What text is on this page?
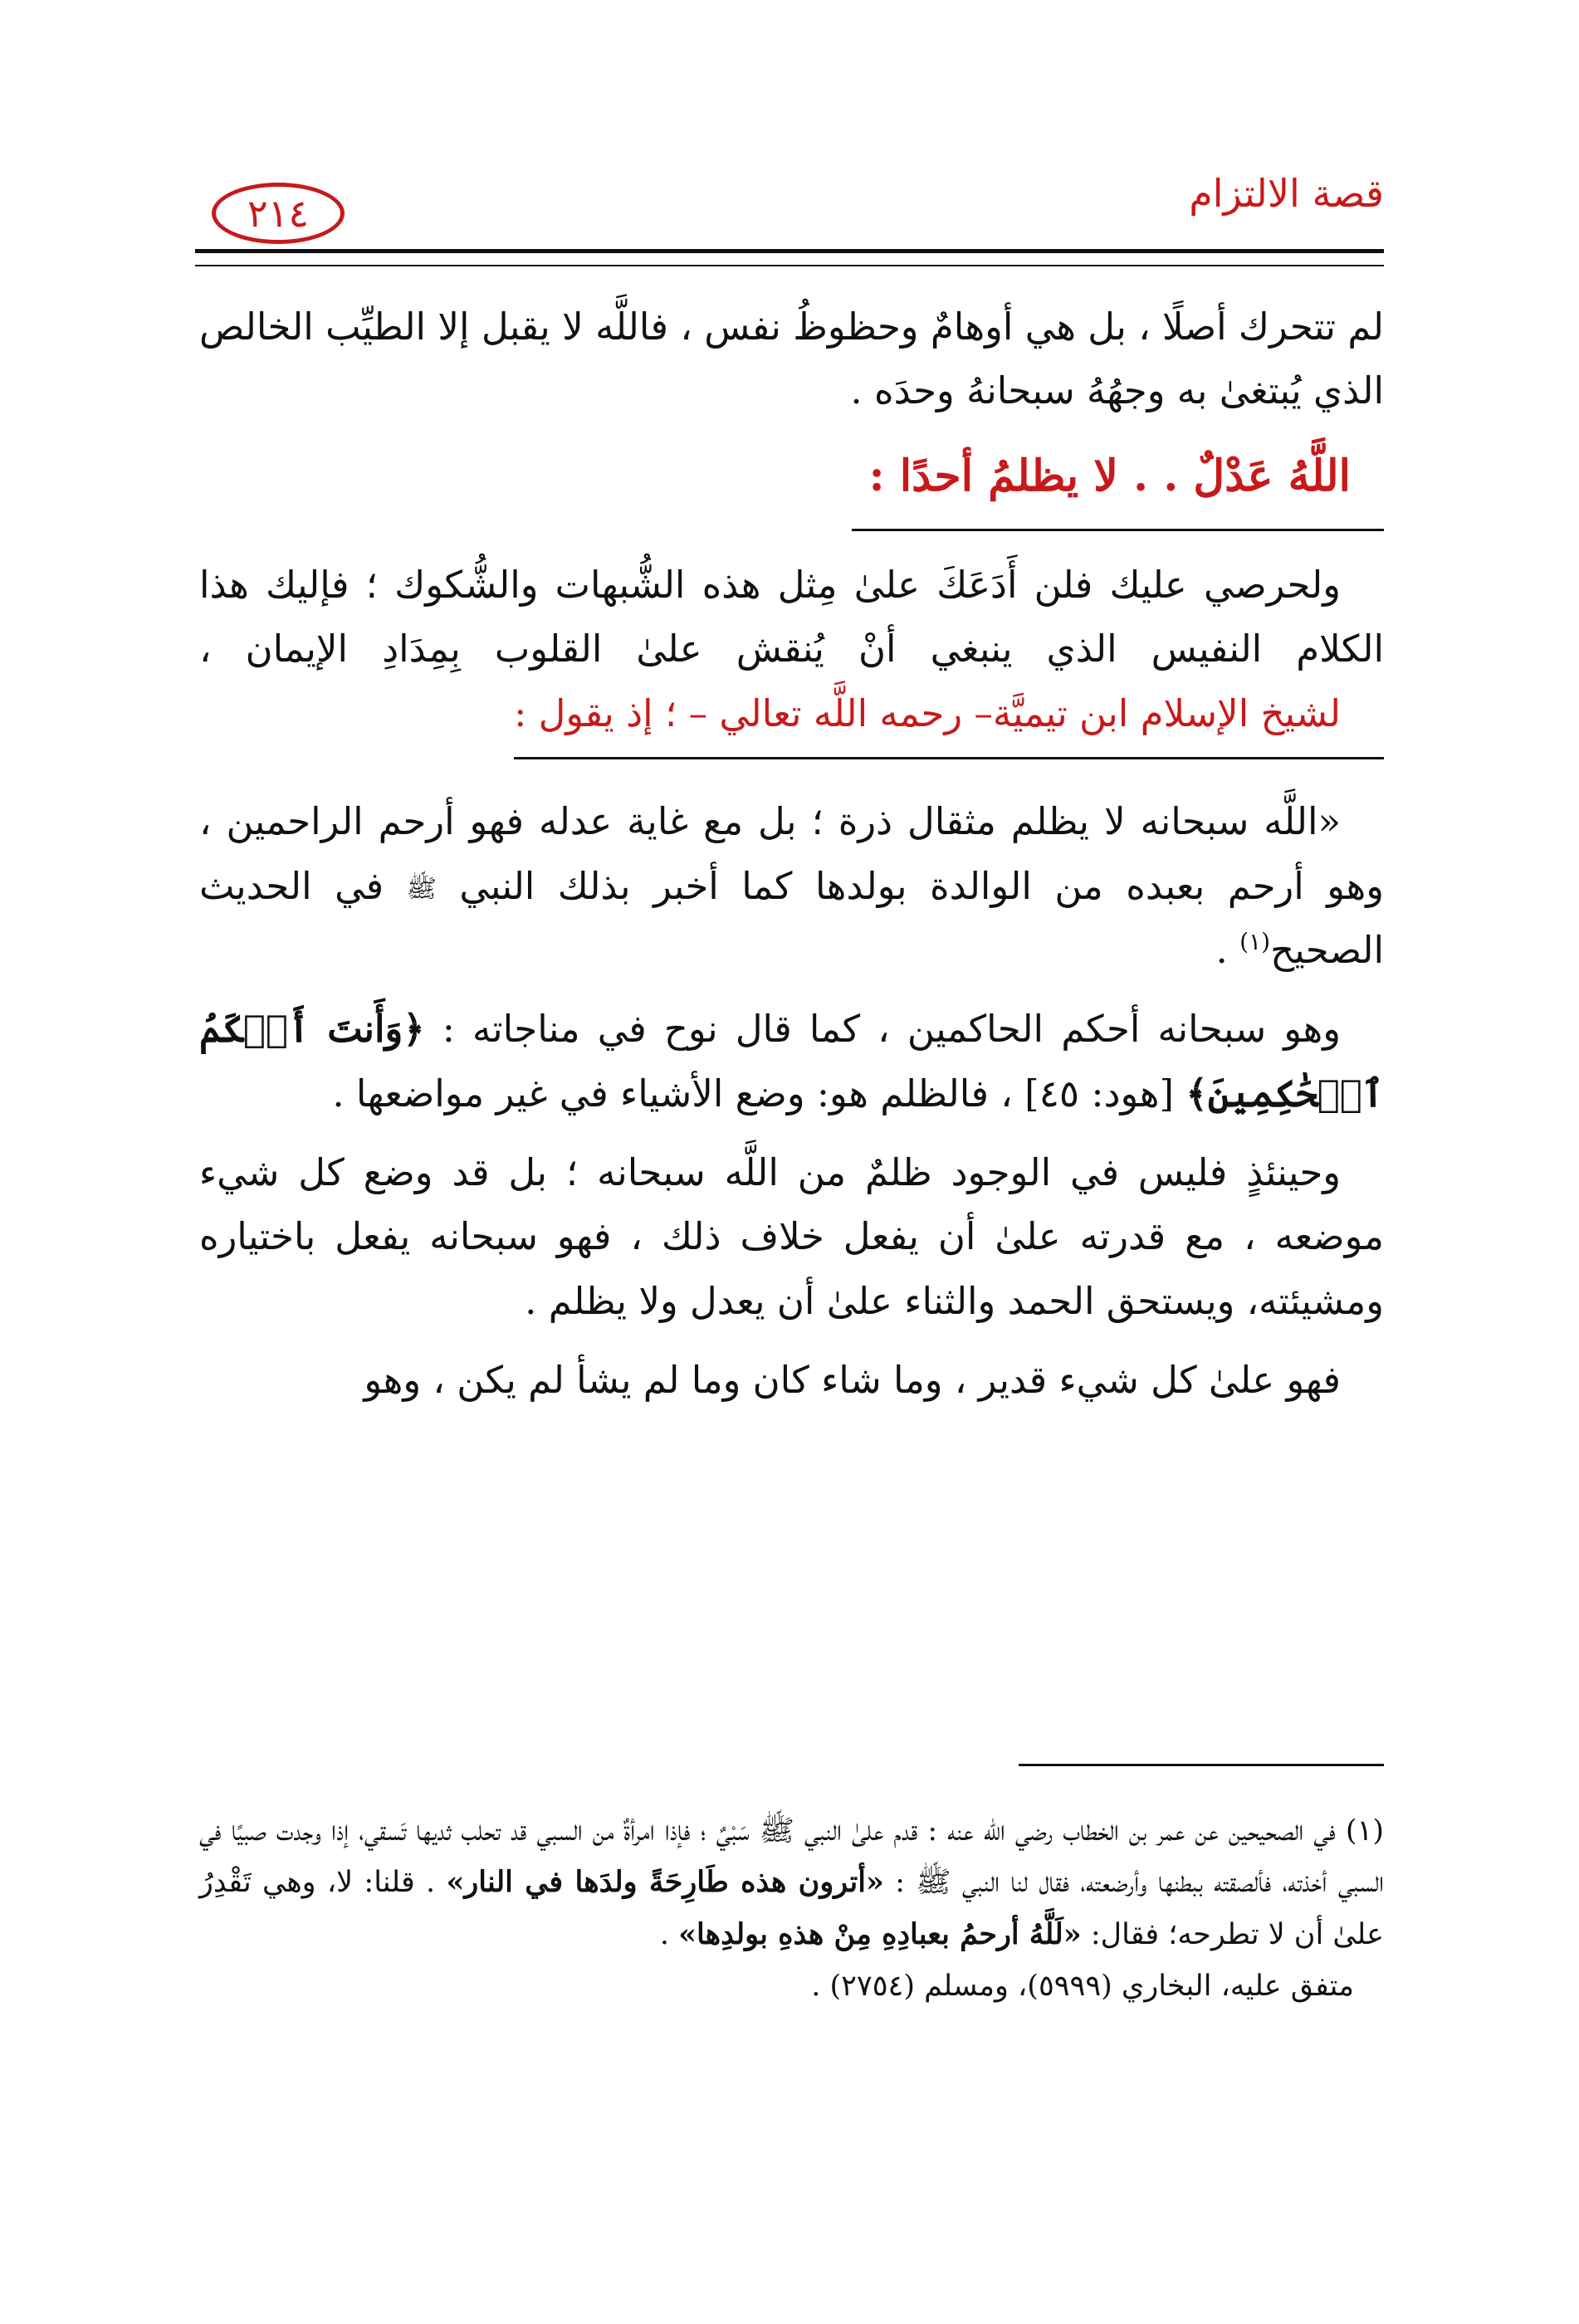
قصة الالتزام
٢١٤

لم تتحرك أصلًا ، بل هي أوهامٌ وحظوظُ نفس ، فاللَّه لا يقبل إلا الطيِّب الخالص الذي يُبتغىٰ به وجهُهُ سبحانهُ وحدَه .

اللَّهُ عَدْلٌ . . لا يظلمُ أحدًا :

ولحرصي عليك فلن أَدَعَكَ علىٰ مِثل هذه الشُّبهات والشُّكوك ؛ فإليك هذا الكلام النفيس الذي ينبغي أنْ يُنقش علىٰ القلوب بِمِدَادِ الإيمان ، لشيخ الإسلام ابن تيميَّة– رحمه اللَّه تعالي – ؛ إذ يقول :

«اللَّه سبحانه لا يظلم مثقال ذرة ؛ بل مع غاية عدله فهو أرحم الراحمين ، وهو أرحم بعبده من الوالدة بولدها كما أخبر بذلك النبي ﷺ في الحديث الصحيح$^{(١)}$ .

وهو سبحانه أحكم الحاكمين ، كما قال نوح في مناجاته : ﴿وَأَنتَ أَحۡكَمُ ٱلۡحَٰكِمِينَ﴾ [هود: ٤٥] ، فالظلم هو: وضع الأشياء في غير مواضعها .

وحينئذٍ فليس في الوجود ظلمٌ من اللَّه سبحانه ؛ بل قد وضع كل شيء موضعه ، مع قدرته علىٰ أن يفعل خلاف ذلك ، فهو سبحانه يفعل باختياره ومشيئته، ويستحق الحمد والثناء علىٰ أن يعدل ولا يظلم .

فهو علىٰ كل شيء قدير ، وما شاء كان وما لم يشأ لم يكن ، وهو

(١) في الصحيحين عن عمر بن الخطاب رضي الله عنه : قدم علىٰ النبي ﷺ سَبْيٌ ؛ فإذا امرأةٌ من السبي قد تحلب ثديها تَسقي، إذا وجدت صبيًا في السبي أخذته، فألصقته ببطنها وأرضعته، فقال لنا النبي ﷺ : «أترون هذه طَارِحَةً ولدَها في النار» . قلنا: لا، وهي تَقْدِرُ علىٰ أن لا تطرحه؛ فقال: «لَلَّهُ أرحمُ بعبادِهِ مِنْ هذهِ بولدِها» .

متفق عليه، البخاري (٥٩٩٩)، ومسلم (٢٧٥٤) .
